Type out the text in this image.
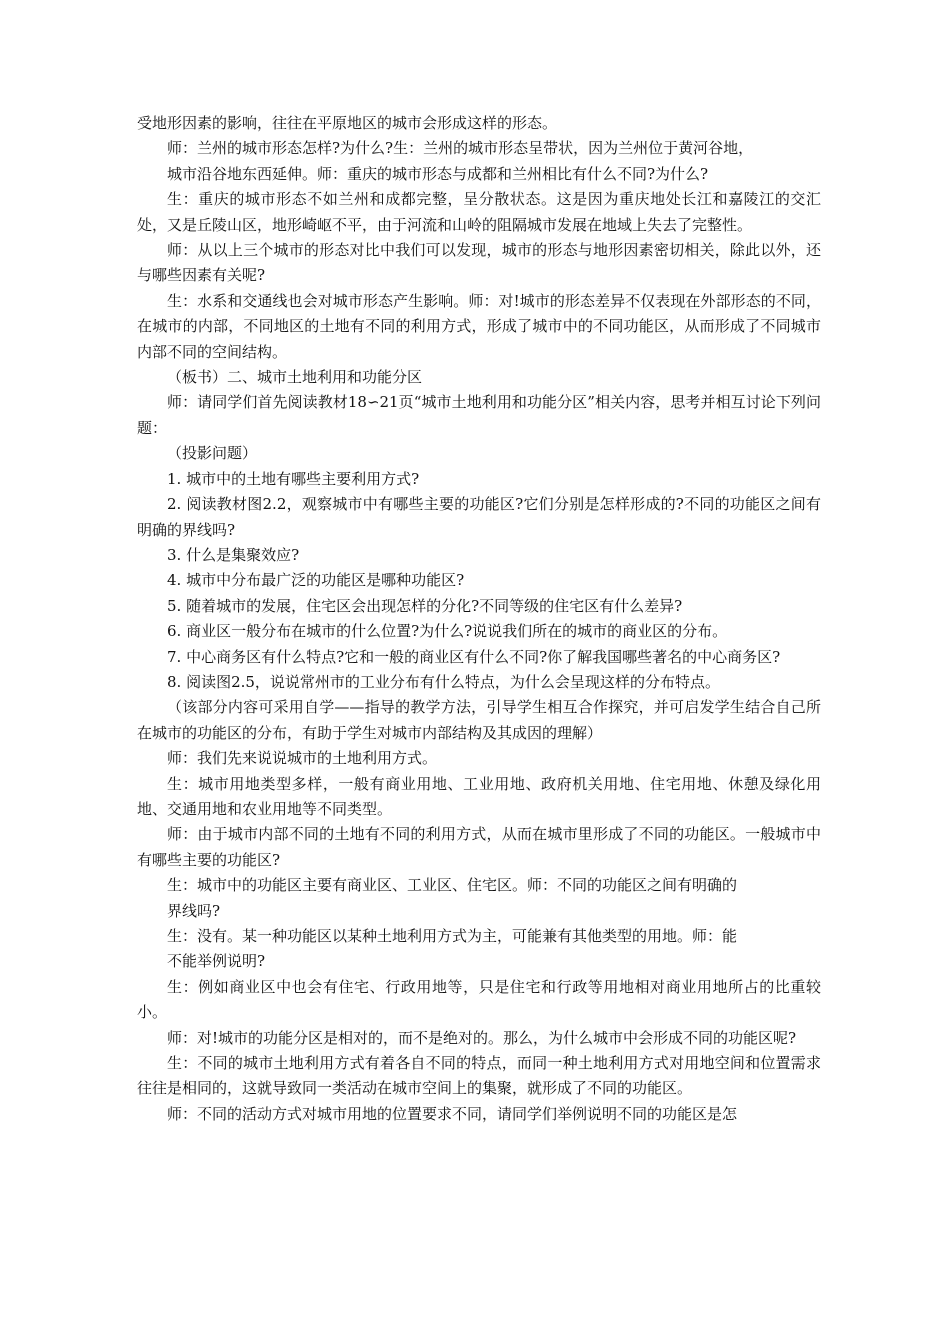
受地形因素的影响，往往在平原地区的城市会形成这样的形态。

师：兰州的城市形态怎样?为什么?生：兰州的城市形态呈带状，因为兰州位于黄河谷地，

城市沿谷地东西延伸。师：重庆的城市形态与成都和兰州相比有什么不同?为什么?

生：重庆的城市形态不如兰州和成都完整，呈分散状态。这是因为重庆地处长江和嘉陵江的交汇处，又是丘陵山区，地形崎岖不平，由于河流和山岭的阻隔城市发展在地域上失去了完整性。

师：从以上三个城市的形态对比中我们可以发现，城市的形态与地形因素密切相关，除此以外，还与哪些因素有关呢?

生：水系和交通线也会对城市形态产生影响。师：对!城市的形态差异不仅表现在外部形态的不同，在城市的内部，不同地区的土地有不同的利用方式，形成了城市中的不同功能区，从而形成了不同城市内部不同的空间结构。

（板书）二、城市土地利用和功能分区

师：请同学们首先阅读教材18∽21页“城市土地利用和功能分区”相关内容，思考并相互讨论下列问题：

（投影问题）

1. 城市中的土地有哪些主要利用方式?

2. 阅读教材图2.2，观察城市中有哪些主要的功能区?它们分别是怎样形成的?不同的功能区之间有明确的界线吗?

3. 什么是集聚效应?

4. 城市中分布最广泛的功能区是哪种功能区?

5. 随着城市的发展，住宅区会出现怎样的分化?不同等级的住宅区有什么差异?

6. 商业区一般分布在城市的什么位置?为什么?说说我们所在的城市的商业区的分布。

7. 中心商务区有什么特点?它和一般的商业区有什么不同?你了解我国哪些著名的中心商务区?

8. 阅读图2.5，说说常州市的工业分布有什么特点，为什么会呈现这样的分布特点。

（该部分内容可采用自学——指导的教学方法，引导学生相互合作探究，并可启发学生结合自己所在城市的功能区的分布，有助于学生对城市内部结构及其成因的理解）

师：我们先来说说城市的土地利用方式。

生：城市用地类型多样，一般有商业用地、工业用地、政府机关用地、住宅用地、休憩及绿化用地、交通用地和农业用地等不同类型。

师：由于城市内部不同的土地有不同的利用方式，从而在城市里形成了不同的功能区。一般城市中有哪些主要的功能区?

生：城市中的功能区主要有商业区、工业区、住宅区。师：不同的功能区之间有明确的

界线吗?

生：没有。某一种功能区以某种土地利用方式为主，可能兼有其他类型的用地。师：能

不能举例说明?

生：例如商业区中也会有住宅、行政用地等，只是住宅和行政等用地相对商业用地所占的比重较小。

师：对!城市的功能分区是相对的，而不是绝对的。那么，为什么城市中会形成不同的功能区呢?

生：不同的城市土地利用方式有着各自不同的特点，而同一种土地利用方式对用地空间和位置需求往往是相同的，这就导致同一类活动在城市空间上的集聚，就形成了不同的功能区。

师：不同的活动方式对城市用地的位置要求不同，请同学们举例说明不同的功能区是怎
